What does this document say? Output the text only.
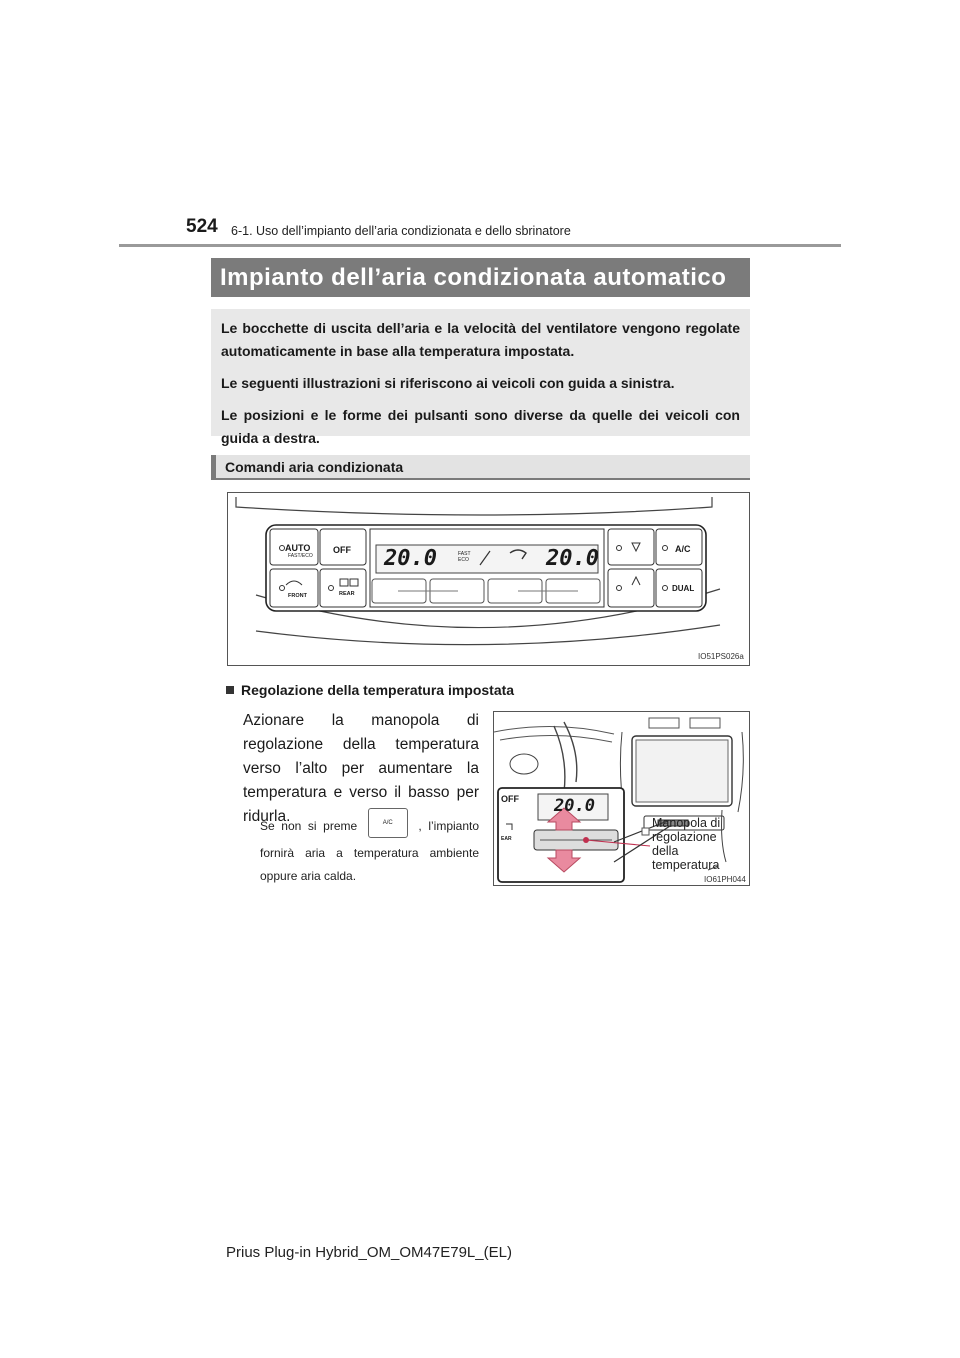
524 6-1. Uso dell’impianto dell’aria condizionata e dello sbrinatore
Impianto dell’aria condizionata automatico

Le bocchette di uscita dell’aria e la velocità del ventilatore vengono regolate automaticamente in base alla temperatura impostata.

Le seguenti illustrazioni si riferiscono ai veicoli con guida a sinistra.

Le posizioni e le forme dei pulsanti sono diverse da quelle dei veicoli con guida a destra.

Comandi aria condizionata
AUTO
FAST/ECO
OFF
FRONT	REAR
A/C
DUAL
20.0	20.0
FAST
ECO
IO51PS026a
Regolazione della temperatura impostata
Azionare la manopola di regolazione della temperatura verso l’alto per aumentare la temperatura e verso il basso per ridurla.
Se non si preme	A/C , l’impianto fornirà aria a temperatura ambiente oppure aria calda.
20.0
OFF
EAR
Manopola di
regolazione
della
temperatura
IO61PH044
Prius Plug-in Hybrid_OM_OM47E79L_(EL)
